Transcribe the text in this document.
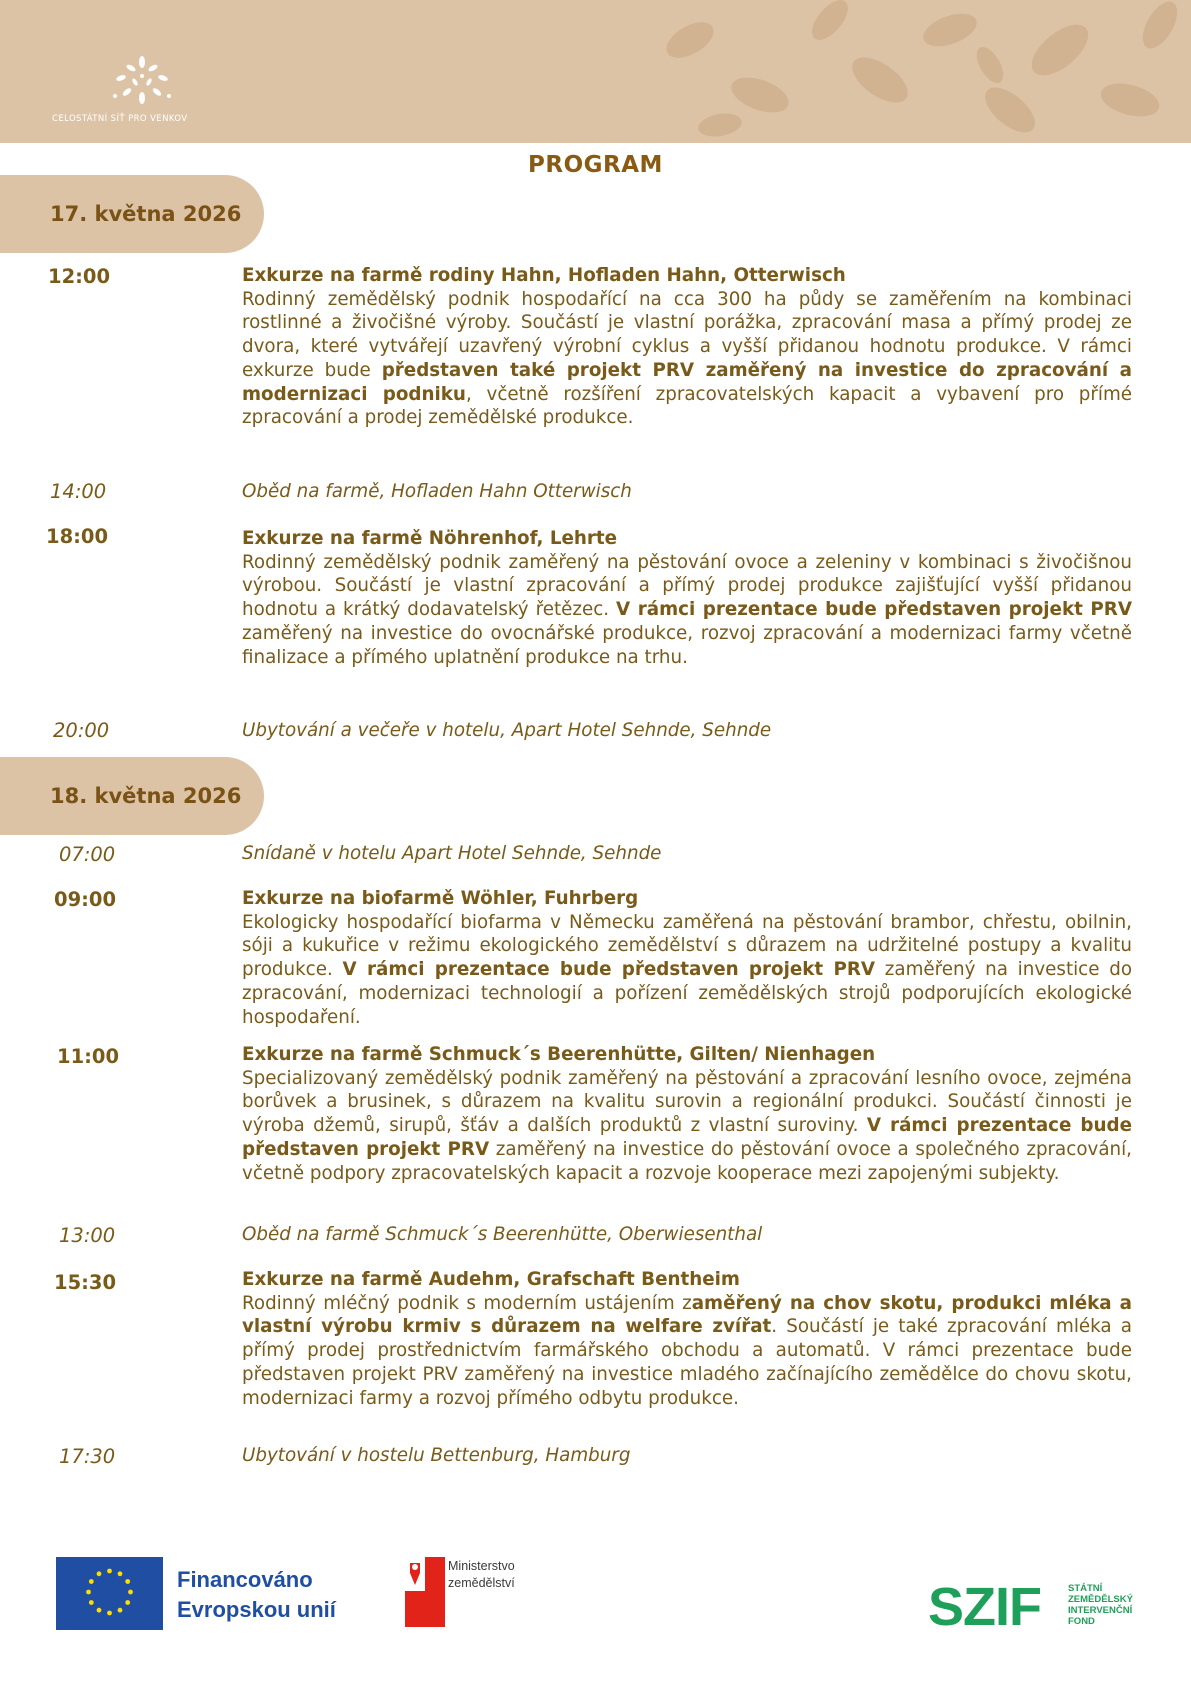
CELOSTÁTNÍ SÍŤ PRO VENKOV
PROGRAM
17. května 2026
12:00	Exkurze na farmě rodiny Hahn, Hofladen Hahn, Otterwisch

Rodinný zemědělský podnik hospodařící na cca 300 ha půdy se zaměřením na kombinaci rostlinné a živočišné výroby. Součástí je vlastní porážka, zpracování masa a přímý prodej ze dvora, které vytvářejí uzavřený výrobní cyklus a vyšší přidanou hodnotu produkce. V rámci exkurze bude představen také projekt PRV zaměřený na investice do zpracování a modernizaci podniku, včetně rozšíření zpracovatelských kapacit a vybavení pro přímé zpracování a prodej zemědělské produkce.

14:00	Oběd na farmě, Hofladen Hahn Otterwisch
18:00	Exkurze na farmě Nöhrenhof, Lehrte

Rodinný zemědělský podnik zaměřený na pěstování ovoce a zeleniny v kombinaci s živočišnou výrobou. Součástí je vlastní zpracování a přímý prodej produkce zajišťující vyšší přidanou hodnotu a krátký dodavatelský řetězec. V rámci prezentace bude představen projekt PRV zaměřený na investice do ovocnářské produkce, rozvoj zpracování a modernizaci farmy včetně finalizace a přímého uplatnění produkce na trhu.

20:00	Ubytování a večeře v hotelu, Apart Hotel Sehnde, Sehnde
18. května 2026
07:00	Snídaně v hotelu Apart Hotel Sehnde, Sehnde
09:00	Exkurze na biofarmě Wöhler, Fuhrberg

Ekologicky hospodařící biofarma v Německu zaměřená na pěstování brambor, chřestu, obilnin, sóji a kukuřice v režimu ekologického zemědělství s důrazem na udržitelné postupy a kvalitu produkce. V rámci prezentace bude představen projekt PRV zaměřený na investice do zpracování, modernizaci technologií a pořízení zemědělských strojů podporujících ekologické hospodaření.

11:00	Exkurze na farmě Schmuck´s Beerenhütte, Gilten/ Nienhagen

Specializovaný zemědělský podnik zaměřený na pěstování a zpracování lesního ovoce, zejména borůvek a brusinek, s důrazem na kvalitu surovin a regionální produkci. Součástí činnosti je výroba džemů, sirupů, šťáv a dalších produktů z vlastní suroviny. V rámci prezentace bude představen projekt PRV zaměřený na investice do pěstování ovoce a společného zpracování, včetně podpory zpracovatelských kapacit a rozvoje kooperace mezi zapojenými subjekty.

13:00	Oběd na farmě Schmuck´s Beerenhütte, Oberwiesenthal
15:30	Exkurze na farmě Audehm, Grafschaft Bentheim

Rodinný mléčný podnik s moderním ustájením zaměřený na chov skotu, produkci mléka a vlastní výrobu krmiv s důrazem na welfare zvířat. Součástí je také zpracování mléka a přímý prodej prostřednictvím farmářského obchodu a automatů. V rámci prezentace bude představen projekt PRV zaměřený na investice mladého začínajícího zemědělce do chovu skotu, modernizaci farmy a rozvoj přímého odbytu produkce.

17:30	Ubytování v hostelu Bettenburg, Hamburg
Financováno
Evropskou unií
Ministerstvo
zemědělství	SZIF	STÁTNÍ
ZEMĚDĚLSKÝ
INTERVENČNÍ
FOND
